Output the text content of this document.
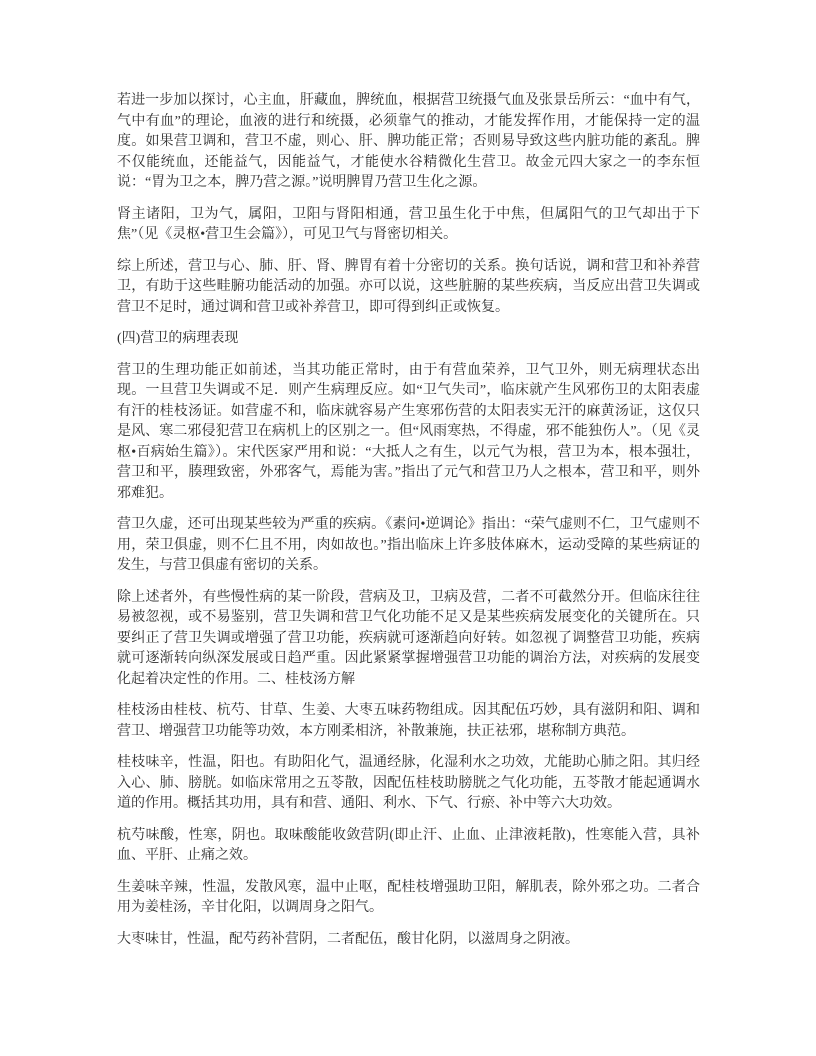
若进一步加以探讨，心主血，肝藏血，脾统血，根据营卫统摄气血及张景岳所云：“血中有气，气中有血”的理论，血液的进行和统摄，必须靠气的推动，才能发挥作用，才能保持一定的温度。如果营卫调和，营卫不虚，则心、肝、脾功能正常；否则易导致这些内脏功能的紊乱。脾不仅能统血，还能益气，因能益气，才能使水谷精微化生营卫。故金元四大家之一的李东恒说：“胃为卫之本，脾乃营之源。”说明脾胃乃营卫生化之源。

肾主诸阳，卫为气，属阳，卫阳与肾阳相通，营卫虽生化于中焦，但属阳气的卫气却出于下焦”（见《灵枢•营卫生会篇》），可见卫气与肾密切相关。

综上所述，营卫与心、肺、肝、肾、脾胃有着十分密切的关系。换句话说，调和营卫和补养营卫，有助于这些畦腑功能活动的加强。亦可以说，这些脏腑的某些疾病，当反应出营卫失调或营卫不足时，通过调和营卫或补养营卫，即可得到纠正或恢复。

(四)营卫的病理表现

营卫的生理功能正如前述，当其功能正常时，由于有营血荣养，卫气卫外，则无病理状态出现。一旦营卫失调或不足．则产生病理反应。如“卫气失司”，临床就产生风邪伤卫的太阳表虚有汗的桂枝汤证。如营虚不和，临床就容易产生寒邪伤营的太阳表实无汗的麻黄汤证，这仅只是风、寒二邪侵犯营卫在病机上的区别之一。但“风雨寒热，不得虚，邪不能独伤人”。（见《灵枢•百病始生篇》）。宋代医家严用和说：“大抵人之有生，以元气为根，营卫为本，根本强壮，营卫和平，腠理致密，外邪客气，焉能为害。”指出了元气和营卫乃人之根本，营卫和平，则外邪难犯。

营卫久虚，还可出现某些较为严重的疾病。《素问•逆调论》指出：“荣气虚则不仁，卫气虚则不用，荣卫俱虚，则不仁且不用，肉如故也。”指出临床上许多肢体麻木，运动受障的某些病证的发生，与营卫俱虚有密切的关系。

除上述者外，有些慢性病的某一阶段，营病及卫，卫病及营，二者不可截然分开。但临床往往易被忽视，或不易鉴别，营卫失调和营卫气化功能不足又是某些疾病发展变化的关键所在。只要纠正了营卫失调或增强了营卫功能，疾病就可逐渐趋向好转。如忽视了调整营卫功能，疾病就可逐渐转向纵深发展或日趋严重。因此紧紧掌握增强营卫功能的调治方法，对疾病的发展变化起着决定性的作用。二、桂枝汤方解

桂枝汤由桂枝、杭芍、甘草、生姜、大枣五味药物组成。因其配伍巧妙，具有滋阴和阳、调和营卫、增强营卫功能等功效，本方刚柔相济，补散兼施，扶正祛邪，堪称制方典范。

桂枝味辛，性温，阳也。有助阳化气，温通经脉，化湿利水之功效，尤能助心肺之阳。其归经入心、肺、膀胱。如临床常用之五苓散，因配伍桂枝助膀胱之气化功能，五苓散才能起通调水道的作用。概括其功用，具有和营、通阳、利水、下气、行瘀、补中等六大功效。

杭芍味酸，性寒，阴也。取味酸能收敛营阴(即止汗、止血、止津液耗散)，性寒能入营，具补血、平肝、止痛之效。

生姜味辛辣，性温，发散风寒，温中止呕，配桂枝增强助卫阳，解肌表，除外邪之功。二者合用为姜桂汤，辛甘化阳，以调周身之阳气。

大枣味甘，性温，配芍药补营阴，二者配伍，酸甘化阴，以滋周身之阴液。
